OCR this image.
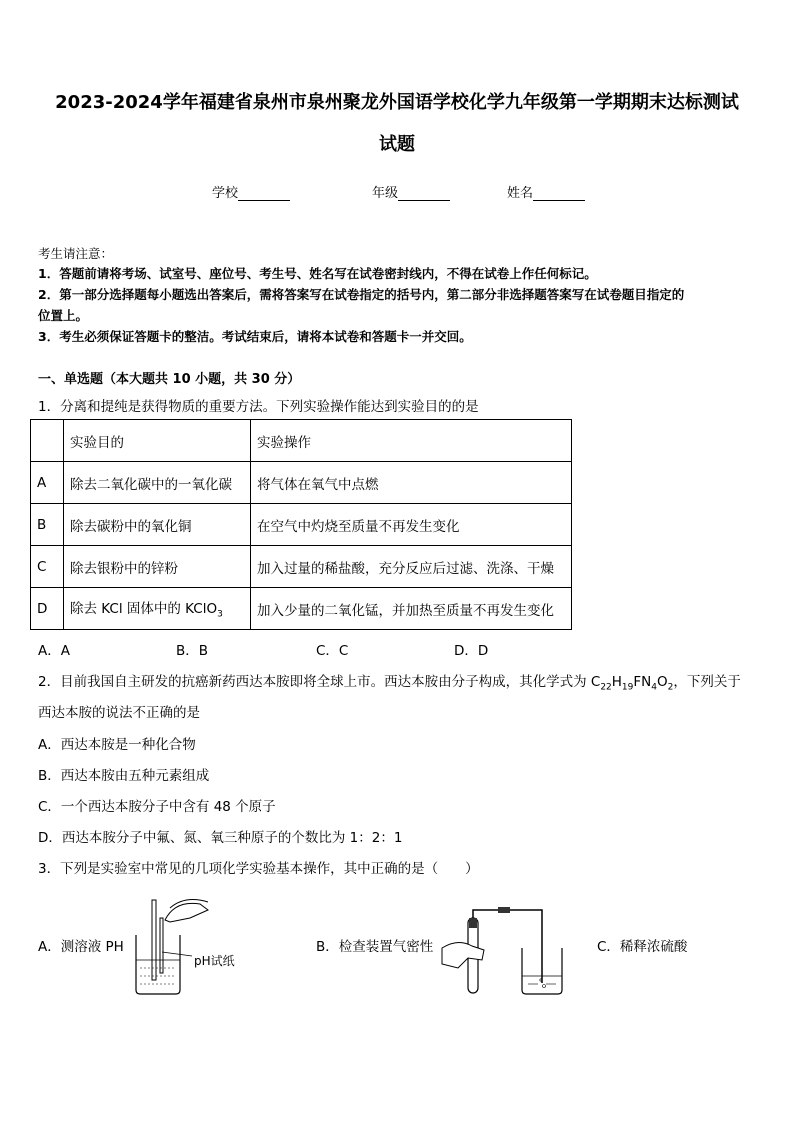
2023-2024学年福建省泉州市泉州聚龙外国语学校化学九年级第一学期期末达标测试
试题
学校	年级	姓名
考生请注意：
1．答题前请将考场、试室号、座位号、考生号、姓名写在试卷密封线内，不得在试卷上作任何标记。
2．第一部分选择题每小题选出答案后，需将答案写在试卷指定的括号内，第二部分非选择题答案写在试卷题目指定的
位置上。
3．考生必须保证答题卡的整洁。考试结束后，请将本试卷和答题卡一并交回。
一、单选题（本大题共 10 小题，共 30 分）
1．分离和提纯是获得物质的重要方法。下列实验操作能达到实验目的的是
	实验目的	实验操作
A	除去二氧化碳中的一氧化碳	将气体在氧气中点燃
B	除去碳粉中的氧化铜	在空气中灼烧至质量不再发生变化
C	除去银粉中的锌粉	加入过量的稀盐酸，充分反应后过滤、洗涤、干燥
D	除去 KCl 固体中的 KClO$_3$	加入少量的二氧化锰，并加热至质量不再发生变化
A．A	B．B	C．C	D．D
2．目前我国自主研发的抗癌新药西达本胺即将全球上市。西达本胺由分子构成，其化学式为 $C_{22}H_{19}FN_4O_2$，下列关于
西达本胺的说法不正确的是
A．西达本胺是一种化合物
B．西达本胺由五种元素组成
C．一个西达本胺分子中含有 48 个原子
D．西达本胺分子中氟、氮、氧三种原子的个数比为 1：2：1
3．下列是实验室中常见的几项化学实验基本操作，其中正确的是（　　）
A．测溶液 PH
pH试纸
B．检查装置气密性	C．稀释浓硫酸
